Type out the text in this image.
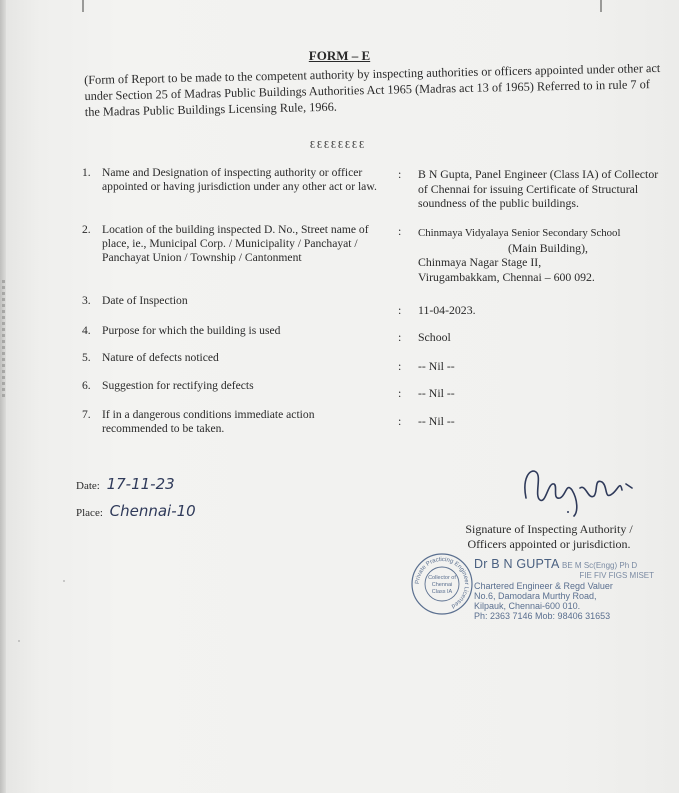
FORM – E
(Form of Report to be made to the competent authority by inspecting authorities or officers appointed under other act under Section 25 of Madras Public Buildings Authorities Act 1965 (Madras act 13 of 1965) Referred to in rule 7 of the Madras Public Buildings Licensing Rule, 1966.
ƐƐƐƐƐƐƐƐ
1. Name and Designation of inspecting authority or officer appointed or having jurisdiction under any other act or law.
: B N Gupta, Panel Engineer (Class IA) of Collector of Chennai for issuing Certificate of Structural soundness of the public buildings.
2. Location of the building inspected D. No., Street name of place, ie., Municipal Corp. / Municipality / Panchayat / Panchayat Union / Township / Cantonment
: Chinmaya Vidyalaya Senior Secondary School
(Main Building),
Chinmaya Nagar Stage II,
Virugambakkam, Chennai – 600 092.
3. Date of Inspection
: 11-04-2023.
4. Purpose for which the building is used	: School
5. Nature of defects noticed
: -- Nil --
6. Suggestion for rectifying defects
: -- Nil --
7. If in a dangerous conditions immediate action recommended to be taken.
: -- Nil --
Date: 17-11-23
Place: Chennai-10
Signature of Inspecting Authority /
Officers appointed or jurisdiction.
Private Practicing Engineer Licensed
Collector of
Chennai
Class IA
Dr B N GUPTA BE M Sc(Engg) Ph D
FIE FIV FIGS MISET
Chartered Engineer & Regd Valuer
No.6, Damodara Murthy Road,
Kilpauk, Chennai-600 010.
Ph: 2363 7146 Mob: 98406 31653
